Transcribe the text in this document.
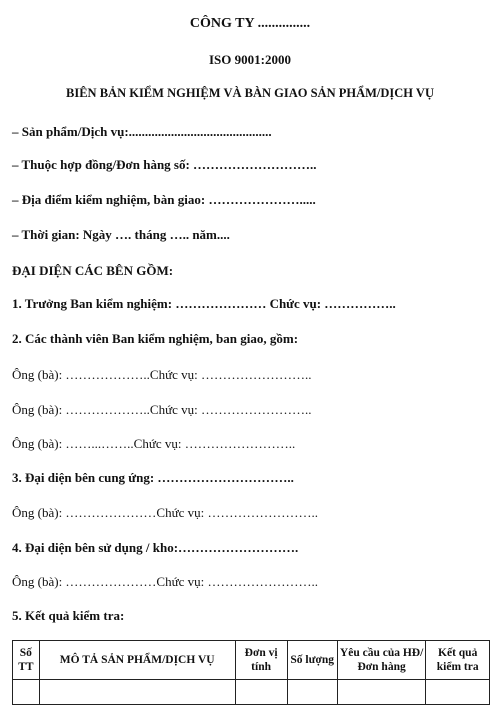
CÔNG TY ...............
ISO 9001:2000
BIÊN BẢN KIỂM NGHIỆM VÀ BÀN GIAO SẢN PHẨM/DỊCH VỤ
– Sản phẩm/Dịch vụ:............................................
– Thuộc hợp đồng/Đơn hàng số: ………………………..
– Địa điểm kiểm nghiệm, bàn giao: ………………….....
– Thời gian: Ngày …. tháng ….. năm....
ĐẠI DIỆN CÁC BÊN GỒM:
1. Trưởng Ban kiểm nghiệm: ………………… Chức vụ: ……………..
2. Các thành viên Ban kiểm nghiệm, ban giao, gồm:
Ông (bà): ………………..Chức vụ: ……………………..
Ông (bà): ………………..Chức vụ: ……………………..
Ông (bà): ……...……..Chức vụ: ……………………..
3. Đại diện bên cung ứng: …………………………..
Ông (bà): …………………Chức vụ: ……………………..
4. Đại diện bên sử dụng / kho:……………………….
Ông (bà): …………………Chức vụ: ……………………..
5. Kết quả kiểm tra:
Số TT	MÔ TẢ SẢN PHẨM/DỊCH VỤ	Đơn vị tính	Số lượng	Yêu cầu của HĐ/Đơn hàng	Kết quả kiểm tra
